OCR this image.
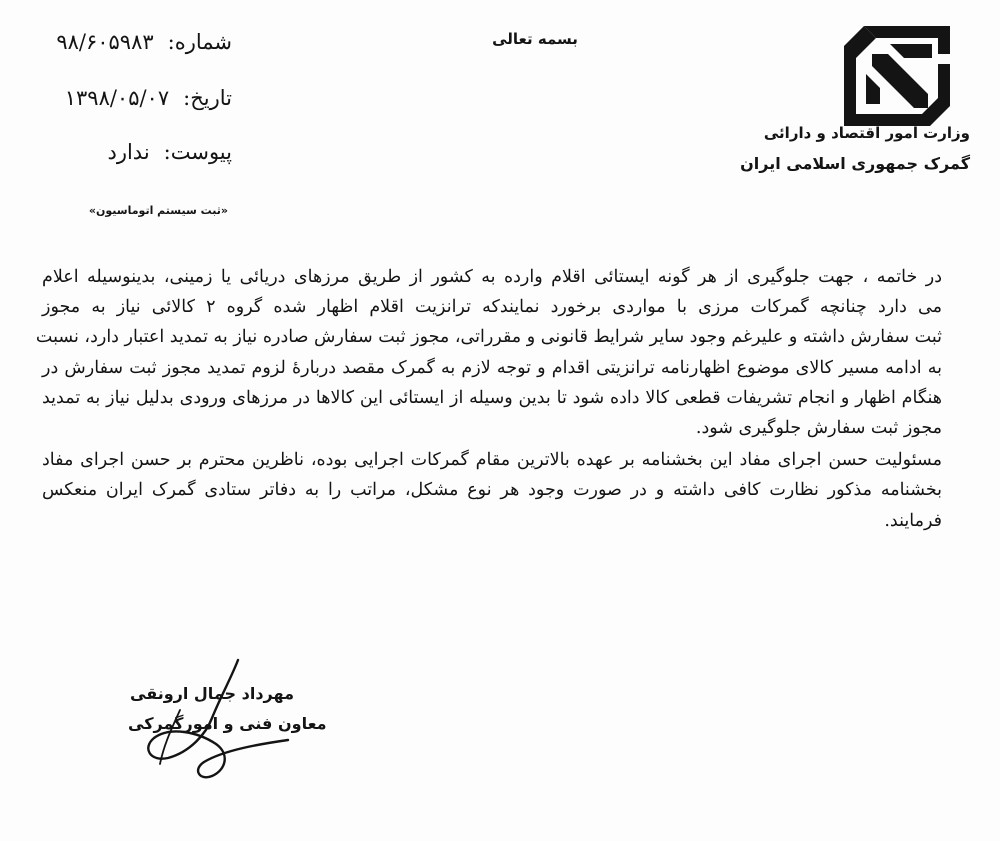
وزارت امور اقتصاد و دارائی
گمرک جمهوری اسلامی ایران
بسمه تعالی
شماره:۹۸/۶۰۵۹۸۳
تاریخ:۱۳۹۸/۰۵/۰۷
پیوست:ندارد
«ثبت سیستم اتوماسیون»
در خاتمه ، جهت جلوگیری از هر گونه ایستائی اقلام وارده به کشور از طریق مرزهای دریائی یا زمینی، بدینوسیله اعلام
می دارد چنانچه گمرکات مرزی با مواردی برخورد نمایندکه ترانزیت اقلام اظهار شده گروه ۲ کالائی نیاز به مجوز
ثبت سفارش داشته و علیرغم وجود سایر شرایط قانونی و مقرراتی، مجوز ثبت سفارش صادره نیاز به تمدید اعتبار دارد، نسبت
به ادامه مسیر کالای موضوع اظهارنامه ترانزیتی اقدام و توجه لازم به گمرک مقصد دربارهٔ لزوم تمدید مجوز ثبت سفارش در
هنگام اظهار و انجام تشریفات قطعی کالا داده شود تا بدین وسیله از ایستائی این کالاها در مرزهای ورودی بدلیل نیاز به تمدید
مجوز ثبت سفارش جلوگیری شود.
مسئولیت حسن اجرای مفاد این بخشنامه بر عهده بالاترین مقام گمرکات اجرایی بوده، ناظرین محترم بر حسن اجرای مفاد
بخشنامه مذکور نظارت کافی داشته و در صورت وجود هر نوع مشکل، مراتب را به دفاتر ستادی گمرک ایران منعکس
فرمایند.
مهرداد جمال ارونقی
معاون فنی و امورگمرکی
